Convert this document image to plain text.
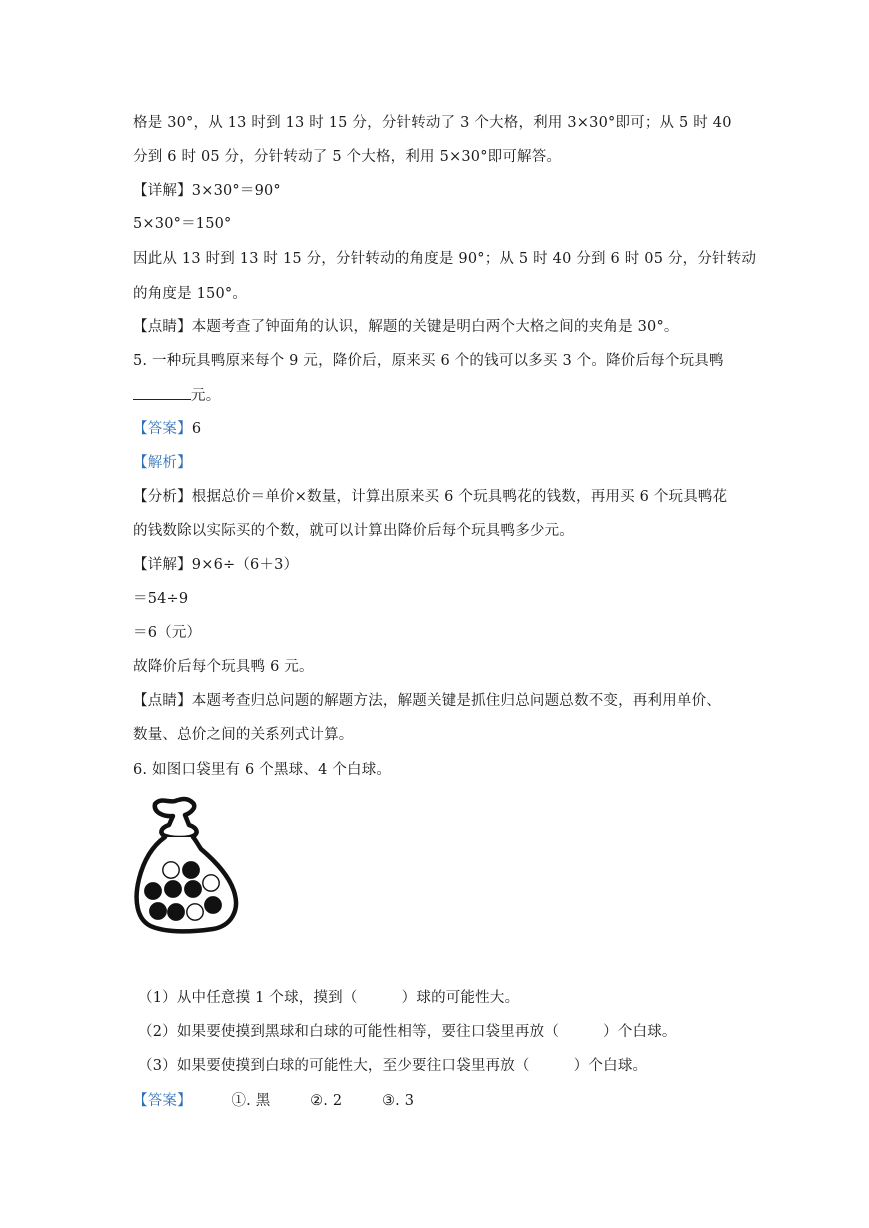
格是 30°，从 13 时到 13 时 15 分，分针转动了 3 个大格，利用 3×30°即可；从 5 时 40
分到 6 时 05 分，分针转动了 5 个大格，利用 5×30°即可解答。
【详解】3×30°＝90°
5×30°＝150°
因此从 13 时到 13 时 15 分，分针转动的角度是 90°；从 5 时 40 分到 6 时 05 分，分针转动
的角度是 150°。
【点睛】本题考查了钟面角的认识，解题的关键是明白两个大格之间的夹角是 30°。
5. 一种玩具鸭原来每个 9 元，降价后，原来买 6 个的钱可以多买 3 个。降价后每个玩具鸭
元。
【答案】6
【解析】
【分析】根据总价＝单价×数量，计算出原来买 6 个玩具鸭花的钱数，再用买 6 个玩具鸭花
的钱数除以实际买的个数，就可以计算出降价后每个玩具鸭多少元。
【详解】9×6÷（6＋3）
＝54÷9
＝6（元）
故降价后每个玩具鸭 6 元。
【点睛】本题考查归总问题的解题方法，解题关键是抓住归总问题总数不变，再利用单价、
数量、总价之间的关系列式计算。
6. 如图口袋里有 6 个黑球、4 个白球。
（1）从中任意摸 1 个球，摸到（　　　）球的可能性大。
（2）如果要使摸到黑球和白球的可能性相等，要往口袋里再放（　　　）个白球。
（3）如果要使摸到白球的可能性大，至少要往口袋里再放（　　　）个白球。
【答案】	①. 黑	②. 2	③. 3
